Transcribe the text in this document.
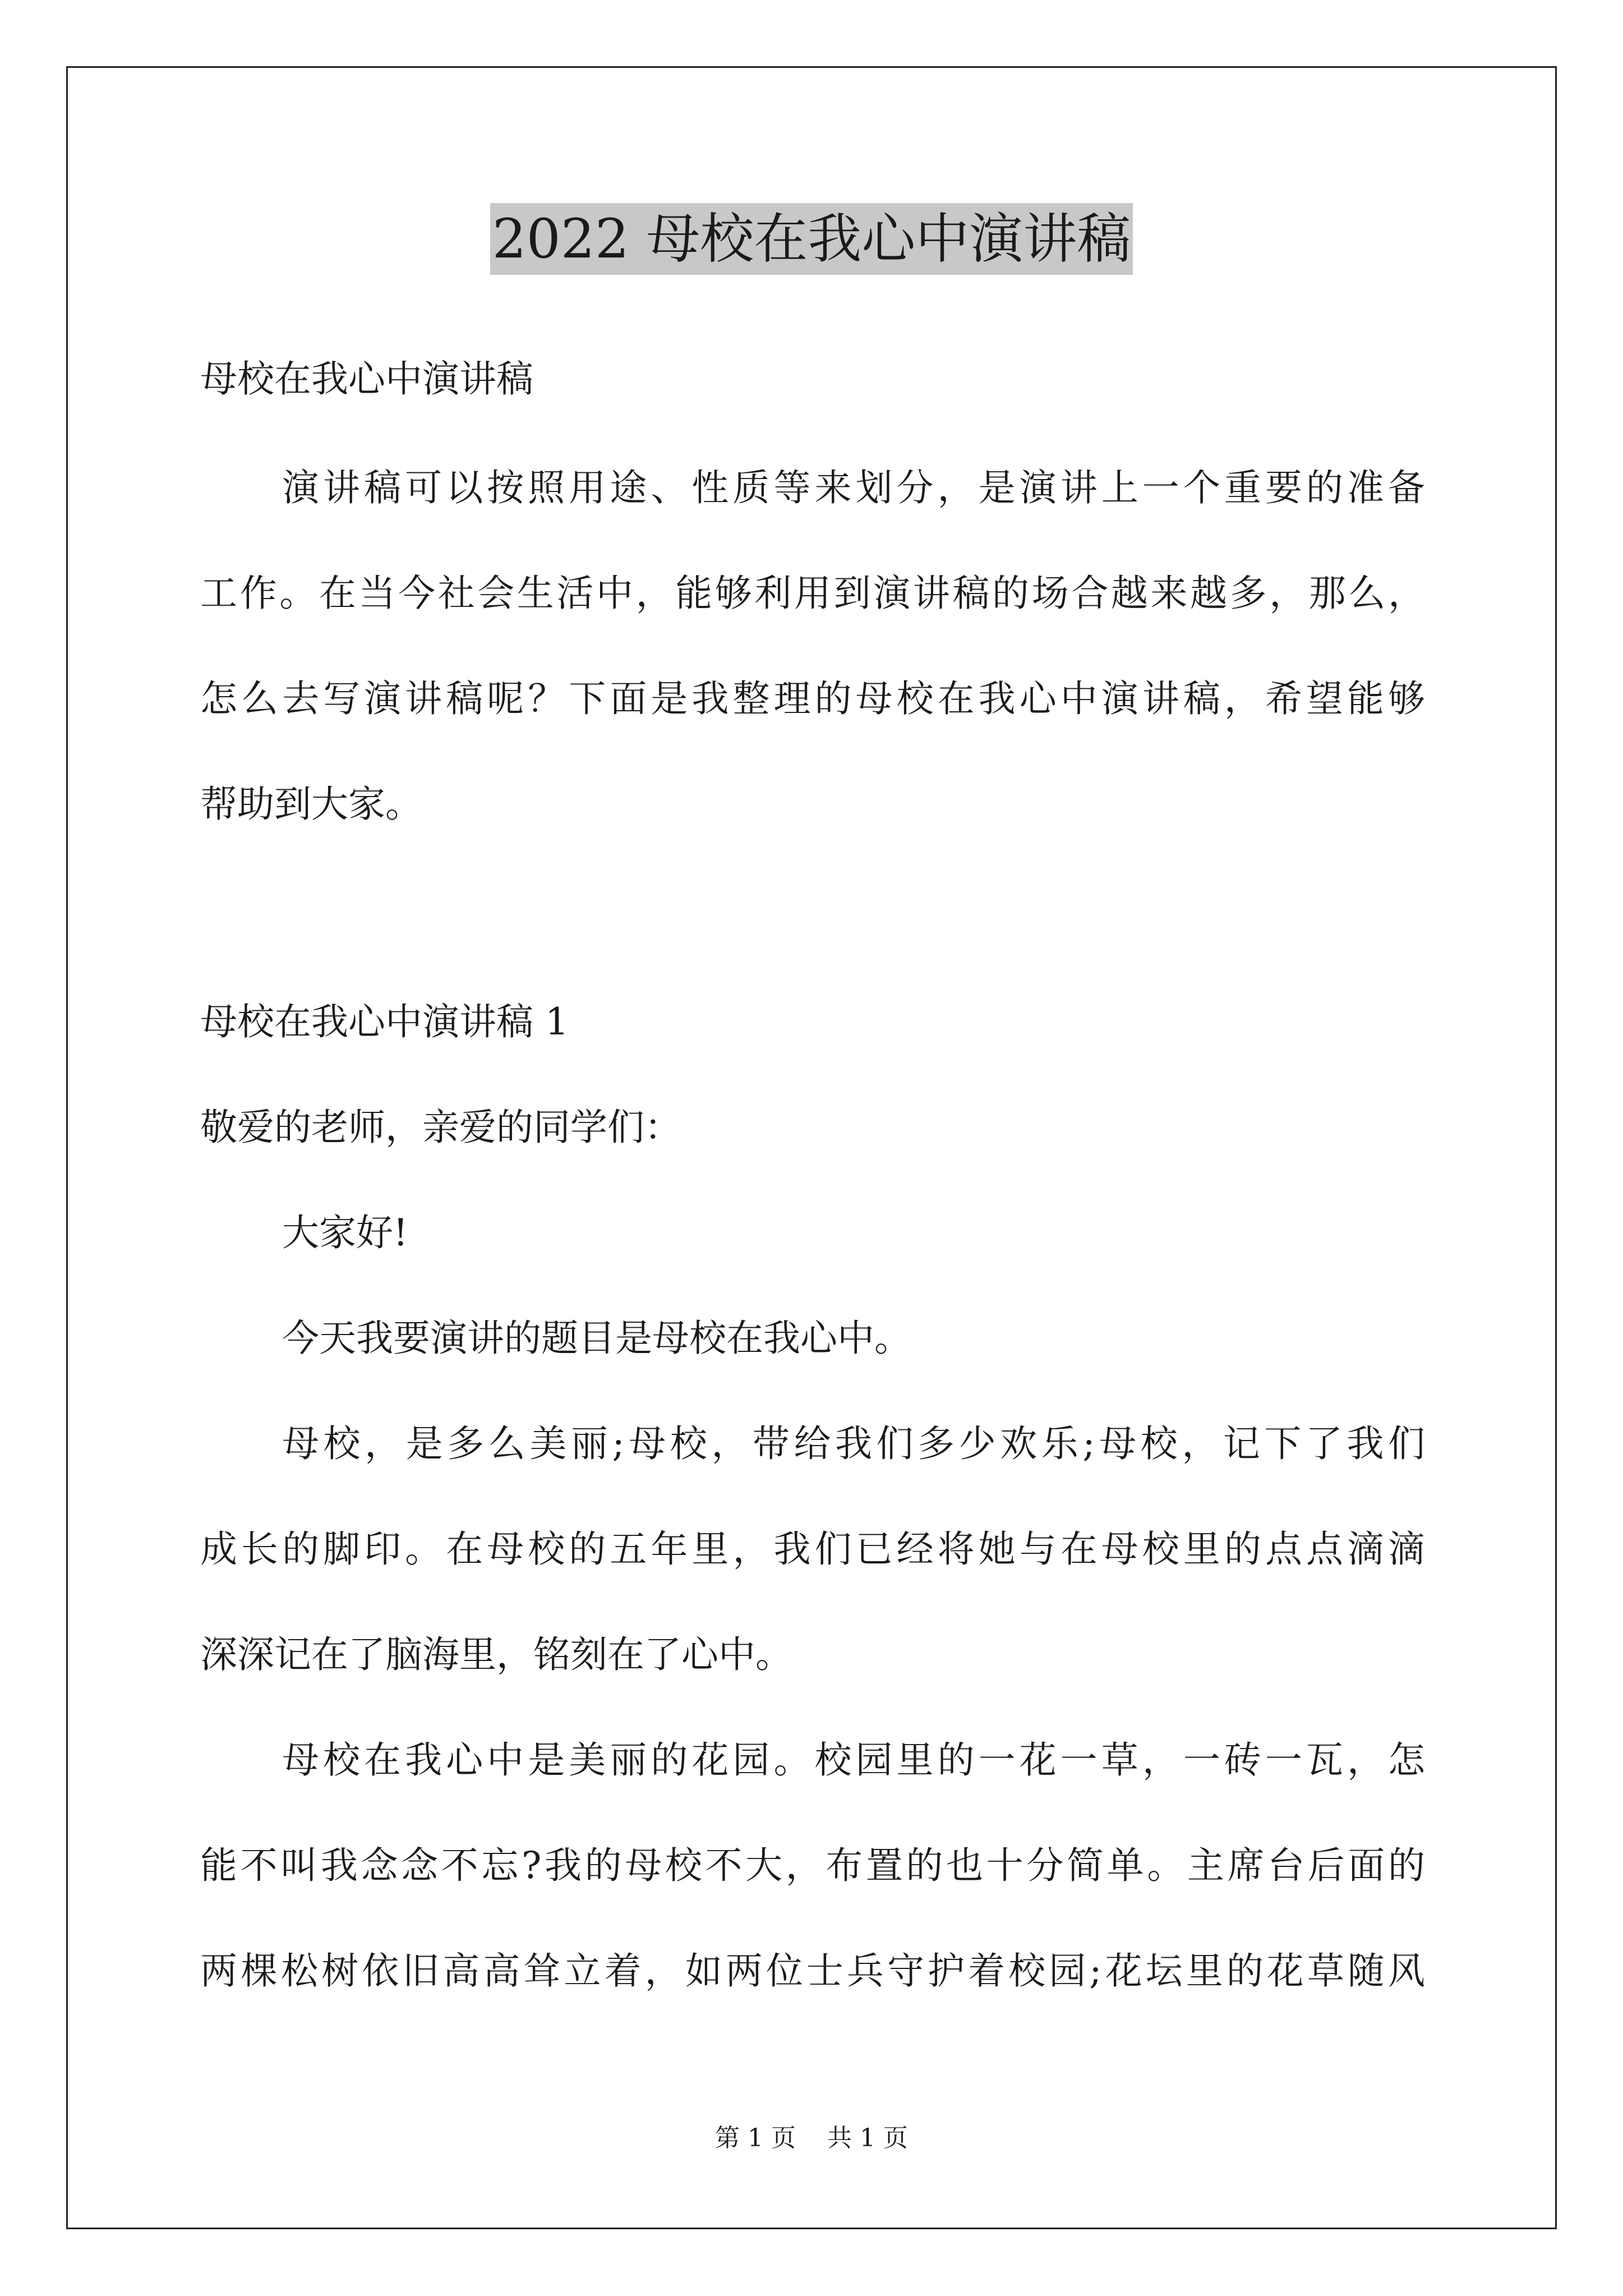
2022 母校在我心中演讲稿
母校在我心中演讲稿
演讲稿可以按照用途、性质等来划分，是演讲上一个重要的准备
工作。在当今社会生活中，能够利用到演讲稿的场合越来越多，那么，
怎么去写演讲稿呢？下面是我整理的母校在我心中演讲稿，希望能够
帮助到大家。
母校在我心中演讲稿 1
敬爱的老师，亲爱的同学们：
大家好!
今天我要演讲的题目是母校在我心中。
母校，是多么美丽;母校，带给我们多少欢乐;母校，记下了我们
成长的脚印。在母校的五年里，我们已经将她与在母校里的点点滴滴
深深记在了脑海里，铭刻在了心中。
母校在我心中是美丽的花园。校园里的一花一草，一砖一瓦，怎
能不叫我念念不忘?我的母校不大，布置的也十分简单。主席台后面的
两棵松树依旧高高耸立着，如两位士兵守护着校园;花坛里的花草随风
第 1 页    共 1 页
